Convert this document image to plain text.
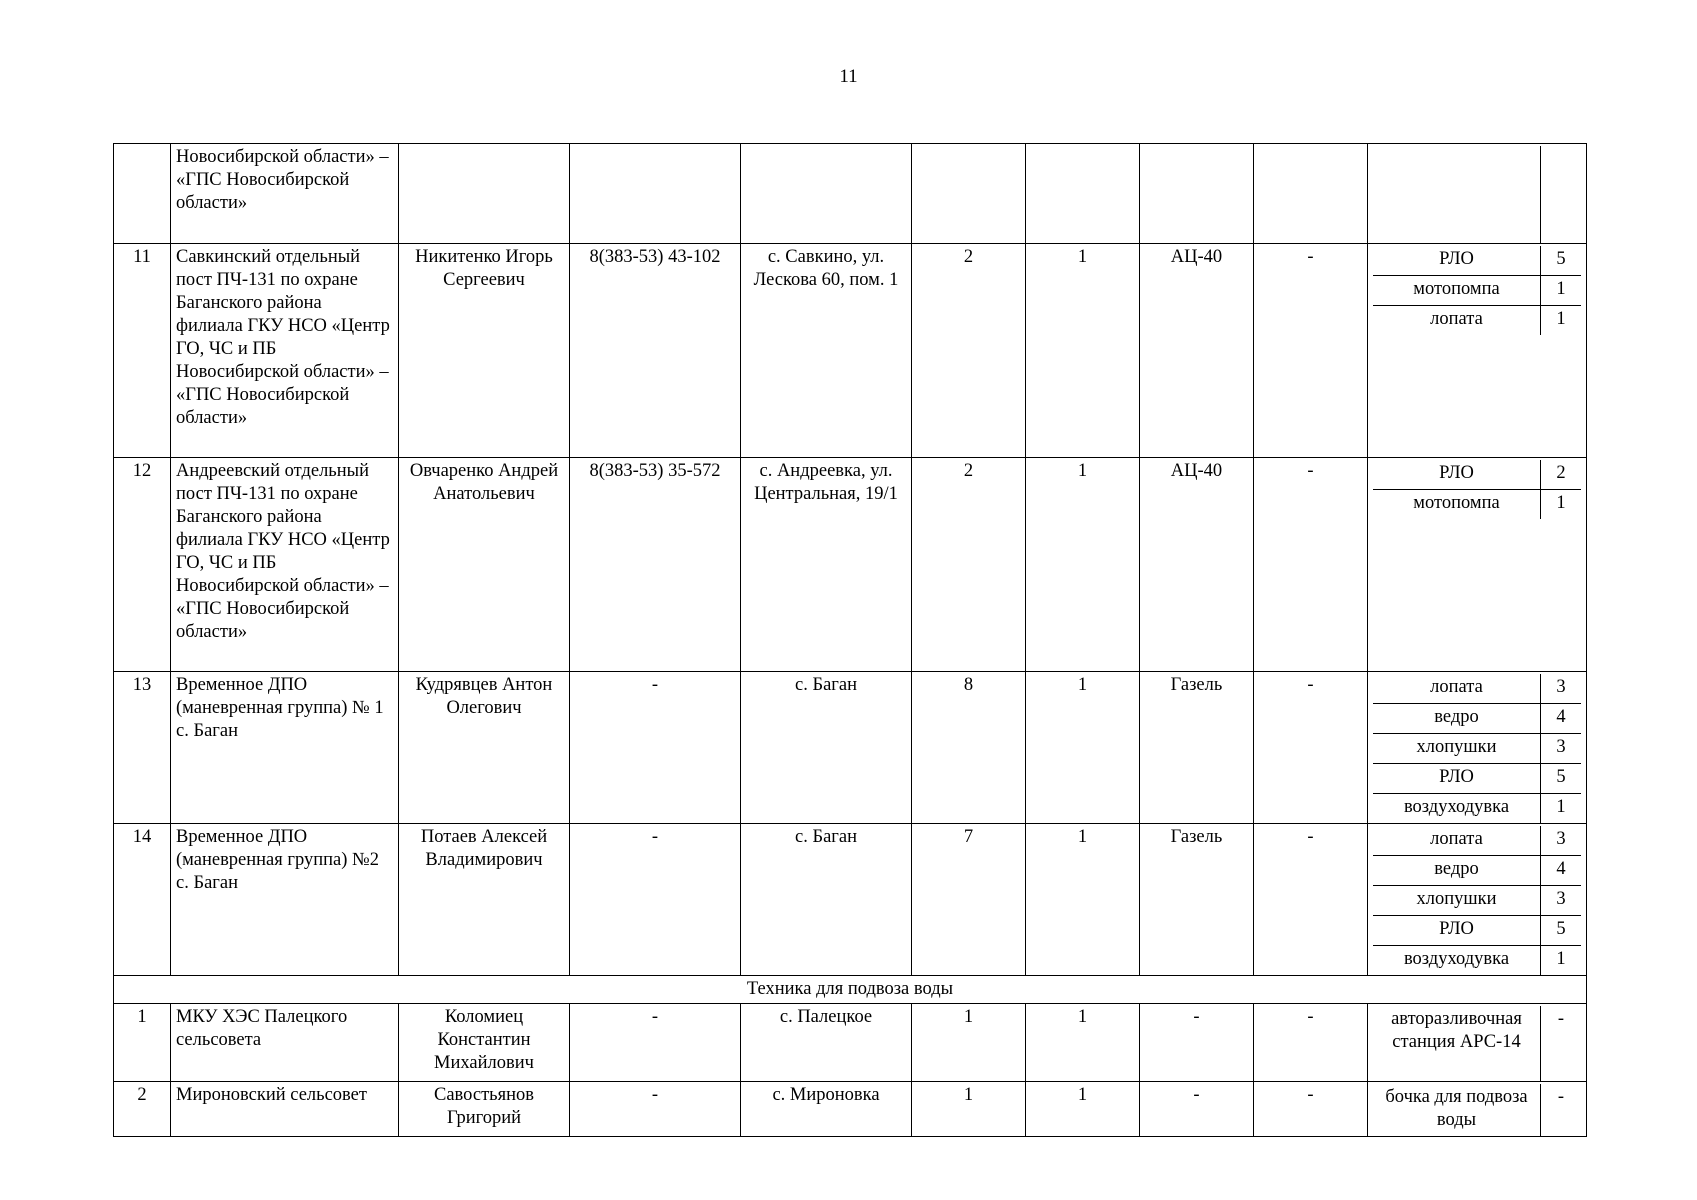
11
	Новосибирской области» – «ГПС Новосибирской области»								

11	Савкинский отдельный пост ПЧ-131 по охране Баганского района филиала ГКУ НСО «Центр ГО, ЧС и ПБ Новосибирской области» – «ГПС Новосибирской области»	Никитенко Игорь Сергеевич	8(383-53) 43-102	с. Савкино, ул. Лескова 60, пом. 1	2	1	АЦ-40	-		РЛО	5
мотопомпа	1
лопата	1

12	Андреевский отдельный пост ПЧ-131 по охране Баганского района филиала ГКУ НСО «Центр ГО, ЧС и ПБ Новосибирской области» – «ГПС Новосибирской области»	Овчаренко Андрей Анатольевич	8(383-53) 35-572	с. Андреевка, ул. Центральная, 19/1	2	1	АЦ-40	-		РЛО	2
мотопомпа	1

13	Временное ДПО (маневренная группа) № 1 с. Баган	Кудрявцев Антон Олегович	-	с. Баган	8	1	Газель	-		лопата	3
ведро	4
хлопушки	3
РЛО	5
воздуходувка	1

14	Временное ДПО (маневренная группа) №2 с. Баган	Потаев Алексей Владимирович	-	с. Баган	7	1	Газель	-		лопата	3
ведро	4
хлопушки	3
РЛО	5
воздуходувка	1

Техника для подвоза воды
1	МКУ ХЭС Палецкого сельсовета	Коломиец Константин Михайлович	-	с. Палецкое	1	1	-	-		авторазливочная станция АРС-14	-

2	Мироновский сельсовет	Савостьянов Григорий	-	с. Мироновка	1	1	-	-		бочка для подвоза воды	-
